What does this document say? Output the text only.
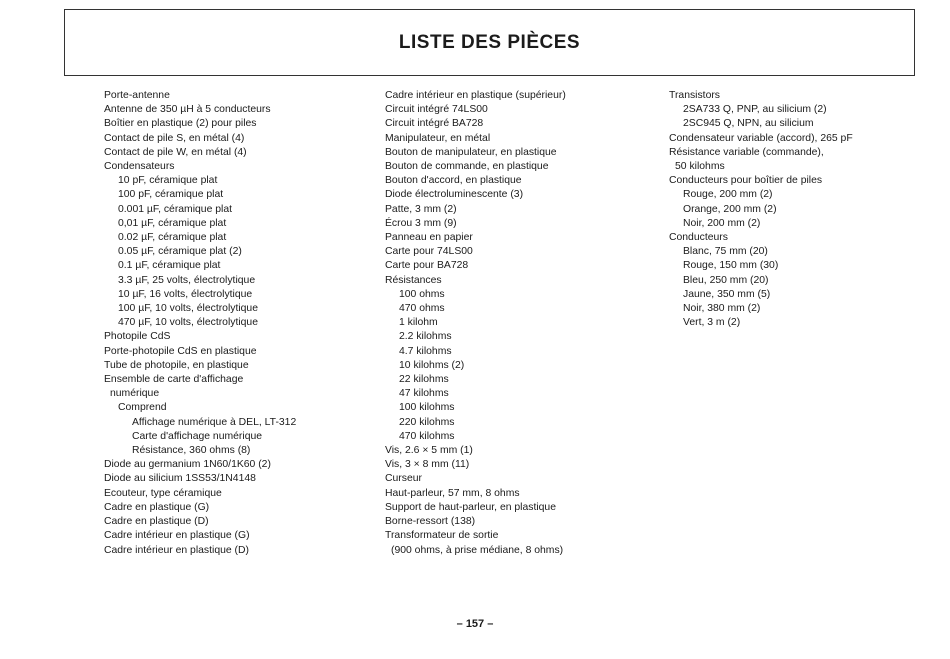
LISTE DES PIÈCES
Porte-antenne
Antenne de 350 µH à 5 conducteurs
Boîtier en plastique (2) pour piles
Contact de pile S, en métal (4)
Contact de pile W, en métal (4)
Condensateurs
10 pF, céramique plat
100 pF, céramique plat
0.001 µF, céramique plat
0,01 µF, céramique plat
0.02 µF, céramique plat
0.05 µF, céramique plat (2)
0.1 µF, céramique plat
3.3 µF, 25 volts, électrolytique
10 µF, 16 volts, électrolytique
100 µF, 10 volts, électrolytique
470 µF, 10 volts, électrolytique
Photopile CdS
Porte-photopile CdS en plastique
Tube de photopile, en plastique
Ensemble de carte d'affichage
numérique
Comprend
Affichage numérique à DEL, LT-312
Carte d'affichage numérique
Résistance, 360 ohms (8)
Diode au germanium 1N60/1K60 (2)
Diode au silicium 1SS53/1N4148
Ecouteur, type céramique
Cadre en plastique (G)
Cadre en plastique (D)
Cadre intérieur en plastique (G)
Cadre intérieur en plastique (D)
Cadre intérieur en plastique (supérieur)
Circuit intégré 74LS00
Circuit intégré BA728
Manipulateur, en métal
Bouton de manipulateur, en plastique
Bouton de commande, en plastique
Bouton d'accord, en plastique
Diode électroluminescente (3)
Patte, 3 mm (2)
Écrou 3 mm (9)
Panneau en papier
Carte pour 74LS00
Carte pour BA728
Résistances
100 ohms
470 ohms
1 kilohm
2.2 kilohms
4.7 kilohms
10 kilohms (2)
22 kilohms
47 kilohms
100 kilohms
220 kilohms
470 kilohms
Vis, 2.6 × 5 mm (1)
Vis, 3 × 8 mm (11)
Curseur
Haut-parleur, 57 mm, 8 ohms
Support de haut-parleur, en plastique
Borne-ressort (138)
Transformateur de sortie
(900 ohms, à prise médiane, 8 ohms)
Transistors
2SA733 Q, PNP, au silicium (2)
2SC945 Q, NPN, au silicium
Condensateur variable (accord), 265 pF
Résistance variable (commande),
50 kilohms
Conducteurs pour boîtier de piles
Rouge, 200 mm (2)
Orange, 200 mm (2)
Noir, 200 mm (2)
Conducteurs
Blanc, 75 mm (20)
Rouge, 150 mm (30)
Bleu, 250 mm (20)
Jaune, 350 mm (5)
Noir, 380 mm (2)
Vert, 3 m (2)
– 157 –
